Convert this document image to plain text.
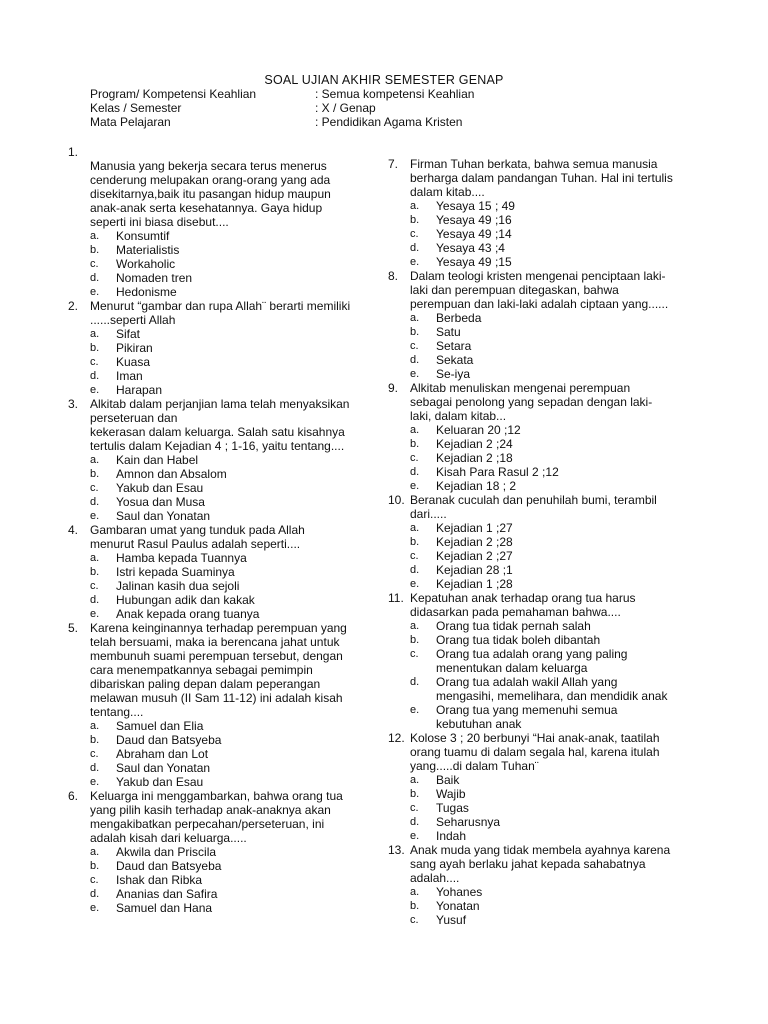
SOAL UJIAN AKHIR SEMESTER GENAP
Program/ Kompetensi Keahlian	: Semua kompetensi Keahlian
Kelas / Semester	: X / Genap
Mata Pelajaran	: Pendidikan Agama Kristen
1.

Manusia yang bekerja secara terus menerus
cenderung melupakan orang-orang yang ada
disekitarnya,baik itu pasangan hidup maupun
anak-anak serta kesehatannya. Gaya hidup
seperti ini biasa disebut....
a. Konsumtif
b. Materialistis
c. Workaholic
d. Nomaden tren
e. Hedonisme
2. Menurut “gambar dan rupa Allah¨ berarti memiliki
......seperti Allah
a. Sifat
b. Pikiran
c. Kuasa
d. Iman
e. Harapan
3. Alkitab dalam perjanjian lama telah menyaksikan
perseteruan dan
kekerasan dalam keluarga. Salah satu kisahnya
tertulis dalam Kejadian 4 ; 1-16, yaitu tentang....
a. Kain dan Habel
b. Amnon dan Absalom
c. Yakub dan Esau
d. Yosua dan Musa
e. Saul dan Yonatan
4. Gambaran umat yang tunduk pada Allah
menurut Rasul Paulus adalah seperti....
a. Hamba kepada Tuannya
b. Istri kepada Suaminya
c. Jalinan kasih dua sejoli
d. Hubungan adik dan kakak
e. Anak kepada orang tuanya
5. Karena keinginannya terhadap perempuan yang
telah bersuami, maka ia berencana jahat untuk
membunuh suami perempuan tersebut, dengan
cara menempatkannya sebagai pemimpin
dibariskan paling depan dalam peperangan
melawan musuh (II Sam 11-12) ini adalah kisah
tentang....
a. Samuel dan Elia
b. Daud dan Batsyeba
c. Abraham dan Lot
d. Saul dan Yonatan
e. Yakub dan Esau
6. Keluarga ini menggambarkan, bahwa orang tua
yang pilih kasih terhadap anak-anaknya akan
mengakibatkan perpecahan/perseteruan, ini
adalah kisah dari keluarga.....
a. Akwila dan Priscila
b. Daud dan Batsyeba
c. Ishak dan Ribka
d. Ananias dan Safira
e. Samuel dan Hana
7. Firman Tuhan berkata, bahwa semua manusia
berharga dalam pandangan Tuhan. Hal ini tertulis
dalam kitab....
a. Yesaya 15 ; 49
b. Yesaya 49 ;16
c. Yesaya 49 ;14
d. Yesaya 43 ;4
e. Yesaya 49 ;15
8. Dalam teologi kristen mengenai penciptaan laki-
laki dan perempuan ditegaskan, bahwa
perempuan dan laki-laki adalah ciptaan yang......
a. Berbeda
b. Satu
c. Setara
d. Sekata
e. Se-iya
9. Alkitab menuliskan mengenai perempuan
sebagai penolong yang sepadan dengan laki-
laki, dalam kitab...
a. Keluaran 20 ;12
b. Kejadian 2 ;24
c. Kejadian 2 ;18
d. Kisah Para Rasul 2 ;12
e. Kejadian 18 ; 2
10. Beranak cuculah dan penuhilah bumi, terambil
dari.....
a. Kejadian 1 ;27
b. Kejadian 2 ;28
c. Kejadian 2 ;27
d. Kejadian 28 ;1
e. Kejadian 1 ;28
11. Kepatuhan anak terhadap orang tua harus
didasarkan pada pemahaman bahwa....
a. Orang tua tidak pernah salah
b. Orang tua tidak boleh dibantah
c. Orang tua adalah orang yang paling
menentukan dalam keluarga
d. Orang tua adalah wakil Allah yang
mengasihi, memelihara, dan mendidik anak
e. Orang tua yang memenuhi semua
kebutuhan anak
12. Kolose 3 ; 20 berbunyi “Hai anak-anak, taatilah
orang tuamu di dalam segala hal, karena itulah
yang.....di dalam Tuhan¨
a. Baik
b. Wajib
c. Tugas
d. Seharusnya
e. Indah
13. Anak muda yang tidak membela ayahnya karena
sang ayah berlaku jahat kepada sahabatnya
adalah....
a. Yohanes
b. Yonatan
c. Yusuf
